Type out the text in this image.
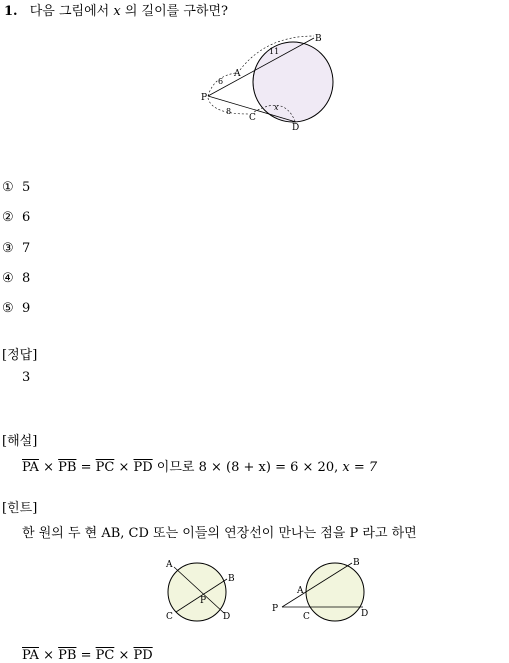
1. 다음 그림에서 x 의 길이를 구하면?
P
A
B
C
D
6
11
8	x
① 5
② 6
③ 7
④ 8
⑤ 9
[정답]
3
[해설]
$\overline{PA} \times \overline{PB} = \overline{PC} \times \overline{PD}$ 이므로 8 × (8 + x) = 6 × 20, x = 7
[힌트]
한 원의 두 현 AB, CD 또는 이들의 연장선이 만나는 점을 P 라고 하면
A
B
C	D
P
P
A
B
C	D
$\overline{PA} \times \overline{PB} = \overline{PC} \times \overline{PD}$
